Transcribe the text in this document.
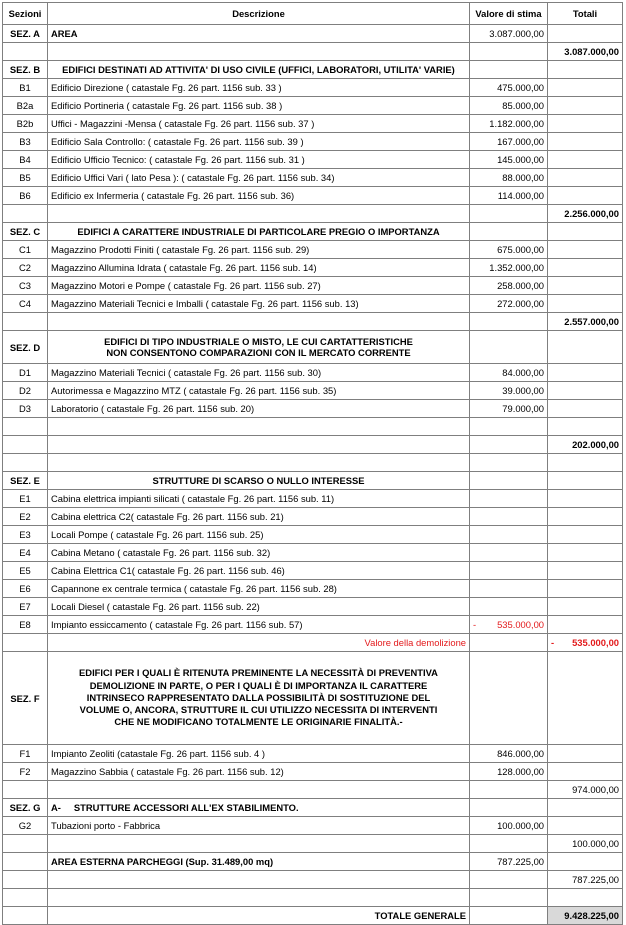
Sezioni	Descrizione	Valore di stima	Totali
SEZ. A	AREA	3.087.000,00	
			3.087.000,00
SEZ. B	EDIFICI DESTINATI AD ATTIVITA' DI USO CIVILE (UFFICI, LABORATORI, UTILITA' VARIE)		
B1	Edificio Direzione ( catastale Fg. 26 part. 1156 sub. 33 )	475.000,00	
B2a	Edificio Portineria ( catastale Fg. 26 part. 1156 sub. 38 )	85.000,00	
B2b	Uffici - Magazzini -Mensa ( catastale Fg. 26 part. 1156 sub. 37 )	1.182.000,00	
B3	Edificio Sala Controllo: ( catastale Fg. 26 part. 1156 sub. 39 )	167.000,00	
B4	Edificio Ufficio Tecnico: ( catastale Fg. 26 part. 1156 sub. 31 )	145.000,00	
B5	Edificio Uffici Vari ( lato Pesa ): ( catastale Fg. 26 part. 1156 sub. 34)	88.000,00	
B6	Edificio ex Infermeria ( catastale Fg. 26 part. 1156 sub. 36)	114.000,00	
			2.256.000,00
SEZ. C	EDIFICI A CARATTERE INDUSTRIALE DI PARTICOLARE PREGIO O IMPORTANZA		
C1	Magazzino Prodotti Finiti ( catastale Fg. 26 part. 1156 sub. 29)	675.000,00	
C2	Magazzino Allumina Idrata ( catastale Fg. 26 part. 1156 sub. 14)	1.352.000,00	
C3	Magazzino Motori e Pompe ( catastale Fg. 26 part. 1156 sub. 27)	258.000,00	
C4	Magazzino Materiali Tecnici e Imballi ( catastale Fg. 26 part. 1156 sub. 13)	272.000,00	
			2.557.000,00
SEZ. D	EDIFICI DI TIPO INDUSTRIALE O MISTO, LE CUI CARTATTERISTICHE NON CONSENTONO COMPARAZIONI CON IL MERCATO CORRENTE		
D1	Magazzino Materiali Tecnici ( catastale Fg. 26 part. 1156 sub. 30)	84.000,00	
D2	Autorimessa e Magazzino MTZ ( catastale Fg. 26 part. 1156 sub. 35)	39.000,00	
D3	Laboratorio ( catastale Fg. 26 part. 1156 sub. 20)	79.000,00	

			202.000,00

SEZ. E	STRUTTURE DI SCARSO O NULLO INTERESSE		
E1	Cabina elettrica impianti silicati ( catastale Fg. 26 part. 1156 sub. 11)		
E2	Cabina elettrica C2( catastale Fg. 26 part. 1156 sub. 21)		
E3	Locali Pompe ( catastale Fg. 26 part. 1156 sub. 25)		
E4	Cabina Metano ( catastale Fg. 26 part. 1156 sub. 32)		
E5	Cabina Elettrica C1( catastale Fg. 26 part. 1156 sub. 46)		
E6	Capannone ex centrale termica ( catastale Fg. 26 part. 1156 sub. 28)		
E7	Locali Diesel ( catastale Fg. 26 part. 1156 sub. 22)		
E8	Impianto essiccamento ( catastale Fg. 26 part. 1156 sub. 57)	- 535.000,00	
	Valore della demolizione		- 535.000,00
SEZ. F	EDIFICI PER I QUALI È RITENUTA PREMINENTE LA NECESSITÀ DI PREVENTIVA DEMOLIZIONE IN PARTE, O PER I QUALI È DI IMPORTANZA IL CARATTERE INTRINSECO RAPPRESENTATO DALLA POSSIBILITÀ DI SOSTITUZIONE DEL VOLUME O, ANCORA, STRUTTURE IL CUI UTILIZZO NECESSITA DI INTERVENTI CHE NE MODIFICANO TOTALMENTE LE ORIGINARIE FINALITÀ.-		
F1	Impianto Zeoliti (catastale Fg. 26 part. 1156 sub. 4 )	846.000,00	
F2	Magazzino Sabbia ( catastale Fg. 26 part. 1156 sub. 12)	128.000,00	
			974.000,00
SEZ. G	A-     STRUTTURE ACCESSORI ALL'EX STABILIMENTO.		
G2	Tubazioni porto - Fabbrica	100.000,00	
			100.000,00
	AREA ESTERNA PARCHEGGI (Sup. 31.489,00 mq)	787.225,00	
			787.225,00

	TOTALE GENERALE		9.428.225,00
